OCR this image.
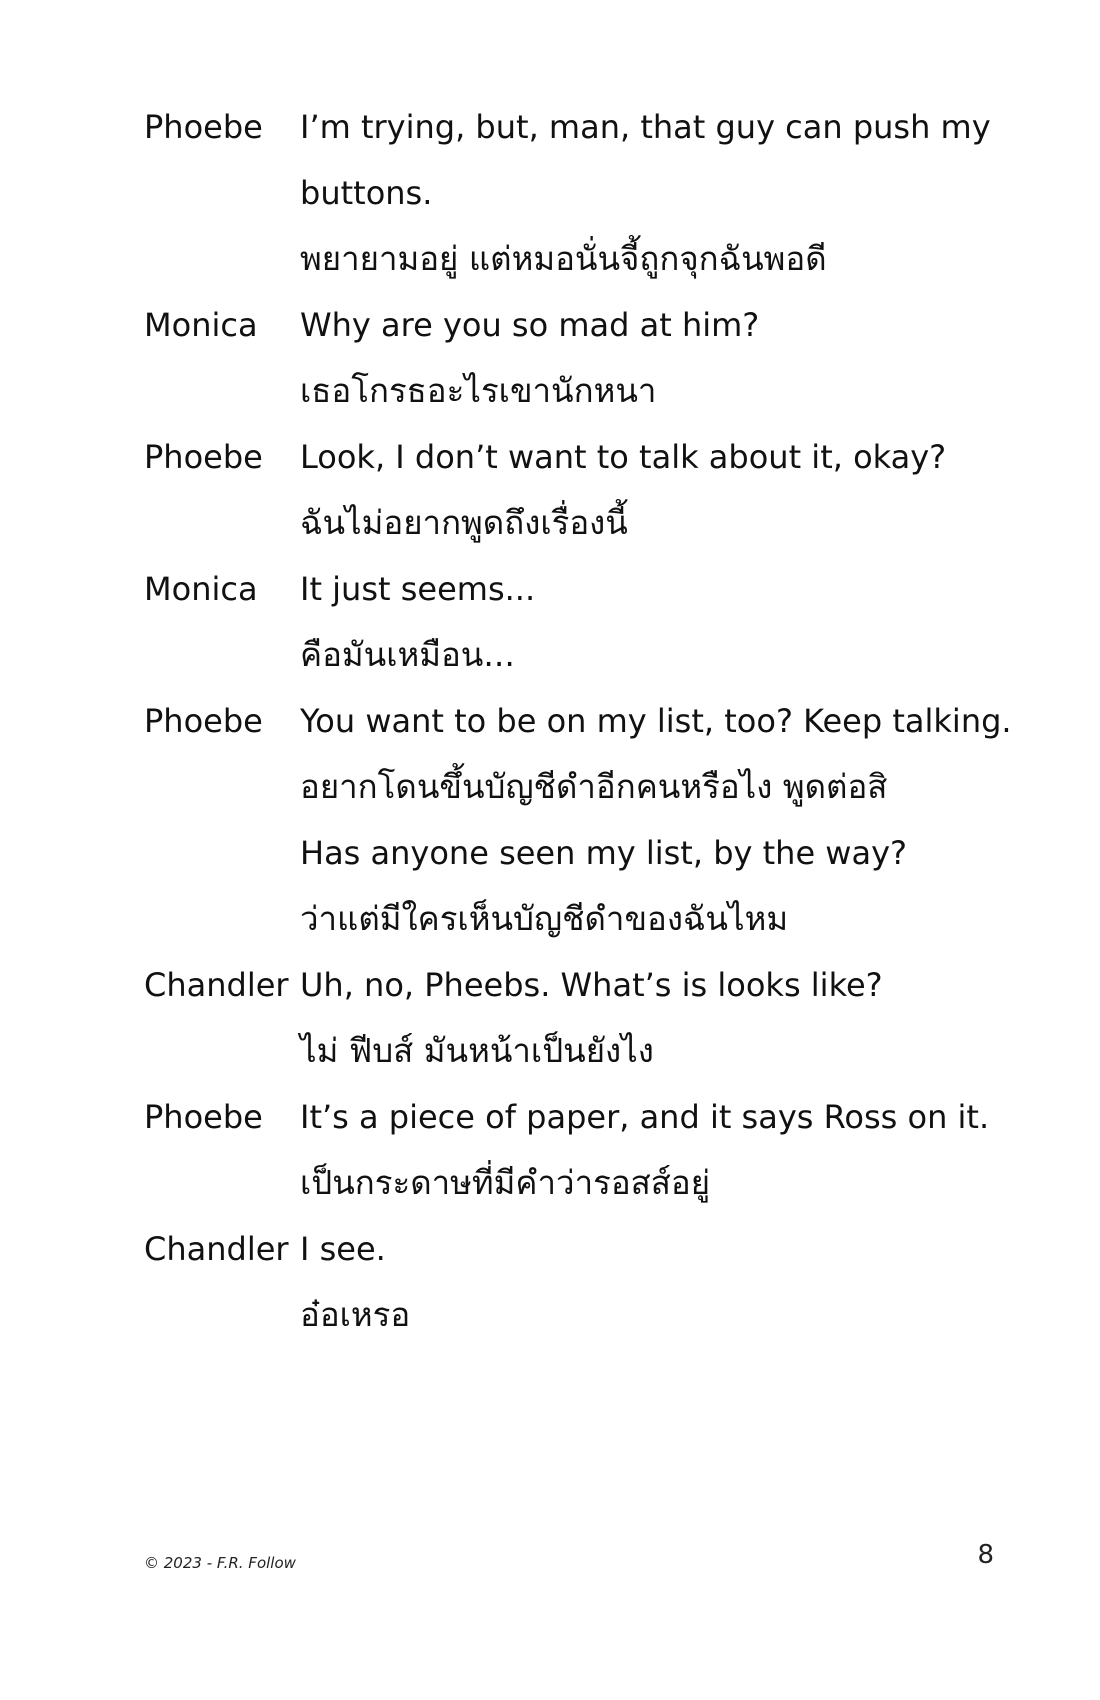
Phoebe	I’m trying, but, man, that guy can push my buttons.
พยายามอยู่ แต่หมอนั่นจี้ถูกจุกฉันพอดี
Monica	Why are you so mad at him?
เธอโกรธอะไรเขานักหนา
Phoebe	Look, I don’t want to talk about it, okay?
ฉันไม่อยากพูดถึงเรื่องนี้
Monica	It just seems...
คือมันเหมือน...
Phoebe	You want to be on my list, too? Keep talking.
อยากโดนขึ้นบัญชีดำอีกคนหรือไง พูดต่อสิ
Has anyone seen my list, by the way?
ว่าแต่มีใครเห็นบัญชีดำของฉันไหม
Chandler Uh, no, Pheebs. What’s is looks like?
ไม่ ฟีบส์ มันหน้าเป็นยังไง
Phoebe	It’s a piece of paper, and it says Ross on it.
เป็นกระดาษที่มีคำว่ารอสส์อยู่
Chandler I see.
อ๋อเหรอ
© 2023 - F.R. Follow	8
